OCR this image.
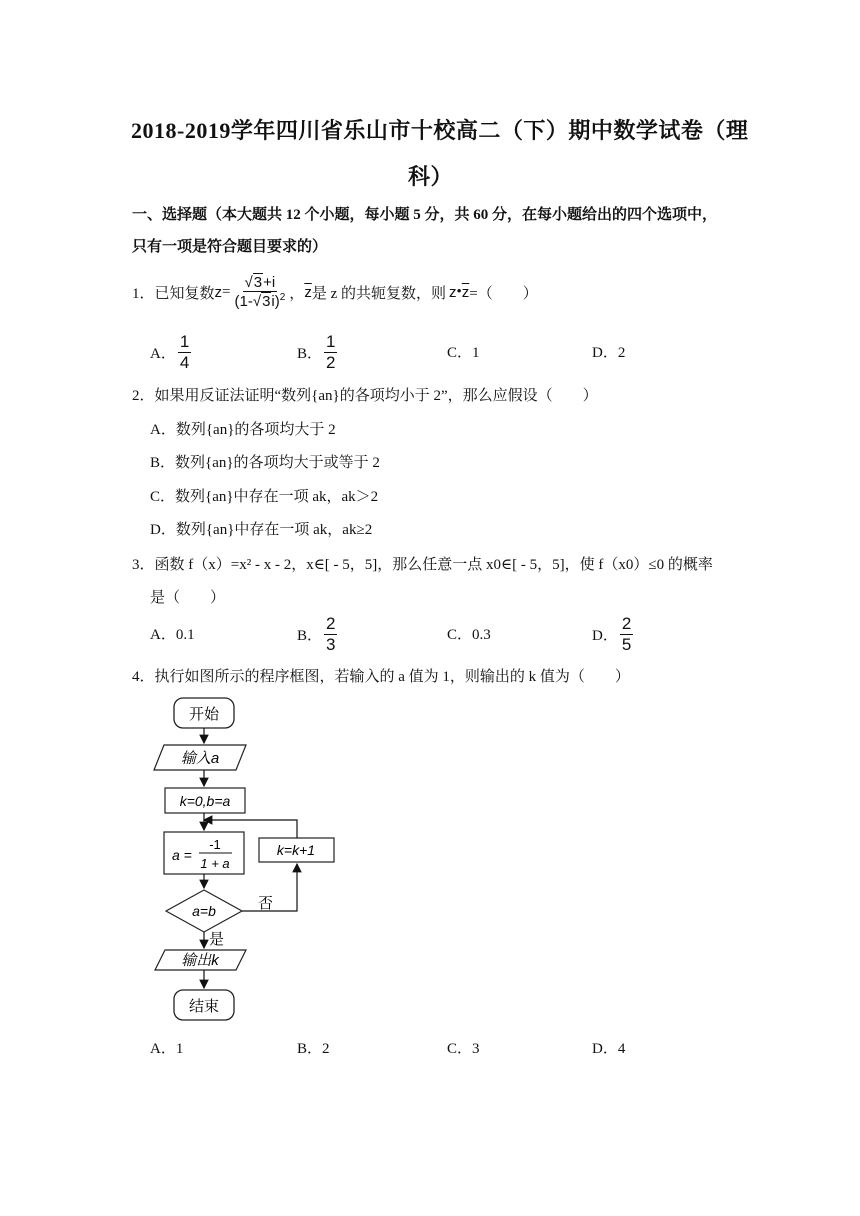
2018-2019学年四川省乐山市十校高二（下）期中数学试卷（理
科）
一、选择题（本大题共 12 个小题，每小题 5 分，共 60 分，在每小题给出的四个选项中，
只有一项是符合题目要求的）
1．已知复数 $z = \frac{√3+i}{(1-√3i)^2}$ ， $\overline{z}$ 是 z 的共轭复数，则 z • $\overline{z}$ =（　　）
A． $\frac{1}{4}$	B． $\frac{1}{2}$	C．1	D．2
2．如果用反证法证明“数列{an}的各项均小于 2”，那么应假设（　　）
A．数列{an}的各项均大于 2
B．数列{an}的各项均大于或等于 2
C．数列{an}中存在一项 ak，ak＞2
D．数列{an}中存在一项 ak，ak≥2
3．函数 f（x）=x² - x - 2，x∈[ - 5，5]，那么任意一点 x0∈[ - 5，5]，使 f（x0）≤0 的概率
是（　　）
A．0.1	B． $\frac{2}{3}$	C．0.3	D． $\frac{2}{5}$
4．执行如图所示的程序框图，若输入的 a 值为 1，则输出的 k 值为（　　）
开始
输入a
k=0,b=a
a =
-1
1 + a
k=k+1
a=b	否
是
输出k
结束
A．1	B．2	C．3	D．4
